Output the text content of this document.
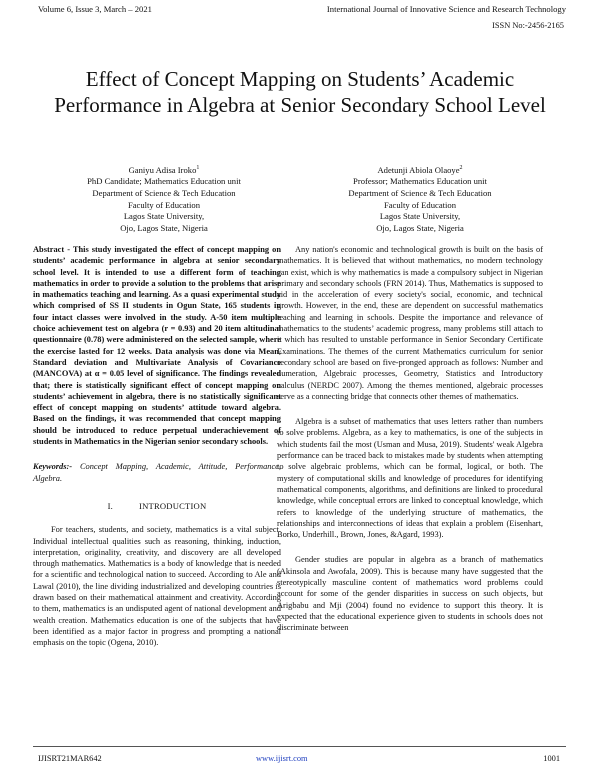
Volume 6, Issue 3, March – 2021	International Journal of Innovative Science and Research Technology
ISSN No:-2456-2165
Effect of Concept Mapping on Students’ Academic Performance in Algebra at Senior Secondary School Level
Ganiyu Adisa Iroko$^1$
PhD Candidate; Mathematics Education unit
Department of Science & Tech Education
Faculty of Education
Lagos State University,
Ojo, Lagos State, Nigeria
Adetunji Abiola Olaoye$^2$
Professor; Mathematics Education unit
Department of Science & Tech Education
Faculty of Education
Lagos State University,
Ojo, Lagos State, Nigeria

Abstract - This study investigated the effect of concept mapping on students’ academic performance in algebra at senior secondary school level. It is intended to use a different form of teaching mathematics in order to provide a solution to the problems that arise in mathematics teaching and learning. As a quasi experimental study which comprised of SS II students in Ogun State, 165 students in four intact classes were involved in the study. A-50 item multiple choice achievement test on algebra (r = 0.93) and 20 item altitudinal questionnaire (0.78) were administered on the selected sample, where the exercise lasted for 12 weeks. Data analysis was done via Mean, Standard deviation and Multivariate Analysis of Covariance (MANCOVA) at α = 0.05 level of significance. The findings revealed that; there is statistically significant effect of concept mapping on students’ achievement in algebra, there is no statistically significant effect of concept mapping on students’ attitude toward algebra. Based on the findings, it was recommended that concept mapping should be introduced to reduce perpetual underachievement of students in Mathematics in the Nigerian senior secondary schools.

Keywords:- Concept Mapping, Academic, Attitude, Performance, Algebra.

I.	INTRODUCTION

For teachers, students, and society, mathematics is a vital subject. Individual intellectual qualities such as reasoning, thinking, induction, interpretation, originality, creativity, and discovery are all developed through mathematics. Mathematics is a body of knowledge that is needed for a scientific and technological nation to succeed. According to Ale and Lawal (2010), the line dividing industrialized and developing countries is drawn based on their mathematical attainment and creativity. According to them, mathematics is an undisputed agent of national development and wealth creation. Mathematics education is one of the subjects that have been identified as a major factor in progress and prompting a national emphasis on the topic (Ogena, 2010).

Any nation's economic and technological growth is built on the basis of mathematics. It is believed that without mathematics, no modern technology can exist, which is why mathematics is made a compulsory subject in Nigerian primary and secondary schools (FRN 2014). Thus, Mathematics is supposed to aid in the acceleration of every society's social, economic, and technical growth. However, in the end, these are dependent on successful mathematics teaching and learning in schools. Despite the importance and relevance of mathematics to the students’ academic progress, many problems still attach to it which has resulted to unstable performance in Senior Secondary Certificate Examinations. The themes of the current Mathematics curriculum for senior secondary school are based on five-pronged approach as follows: Number and numeration, Algebraic processes, Geometry, Statistics and Introductory calculus (NERDC 2007). Among the themes mentioned, algebraic processes serve as a connecting bridge that connects other themes of mathematics.

Algebra is a subset of mathematics that uses letters rather than numbers to solve problems. Algebra, as a key to mathematics, is one of the subjects in which students fail the most (Usman and Musa, 2019). Students' weak Algebra performance can be traced back to mistakes made by students when attempting to solve algebraic problems, which can be formal, logical, or both. The mystery of computational skills and knowledge of procedures for identifying mathematical components, algorithms, and definitions are linked to procedural knowledge, while conceptual errors are linked to conceptual knowledge, which refers to knowledge of the underlying structure of mathematics, the relationships and interconnections of ideas that explain a problem (Eisenhart, Borko, Underhill., Brown, Jones, &Agard, 1993).

Gender studies are popular in algebra as a branch of mathematics (Akinsola and Awofala, 2009). This is because many have suggested that the stereotypically masculine content of mathematics word problems could account for some of the gender disparities in success on such objects, but Arigbabu and Mji (2004) found no evidence to support this theory. It is expected that the educational experience given to students in schools does not discriminate between

IJISRT21MAR642	www.ijisrt.com	1001
